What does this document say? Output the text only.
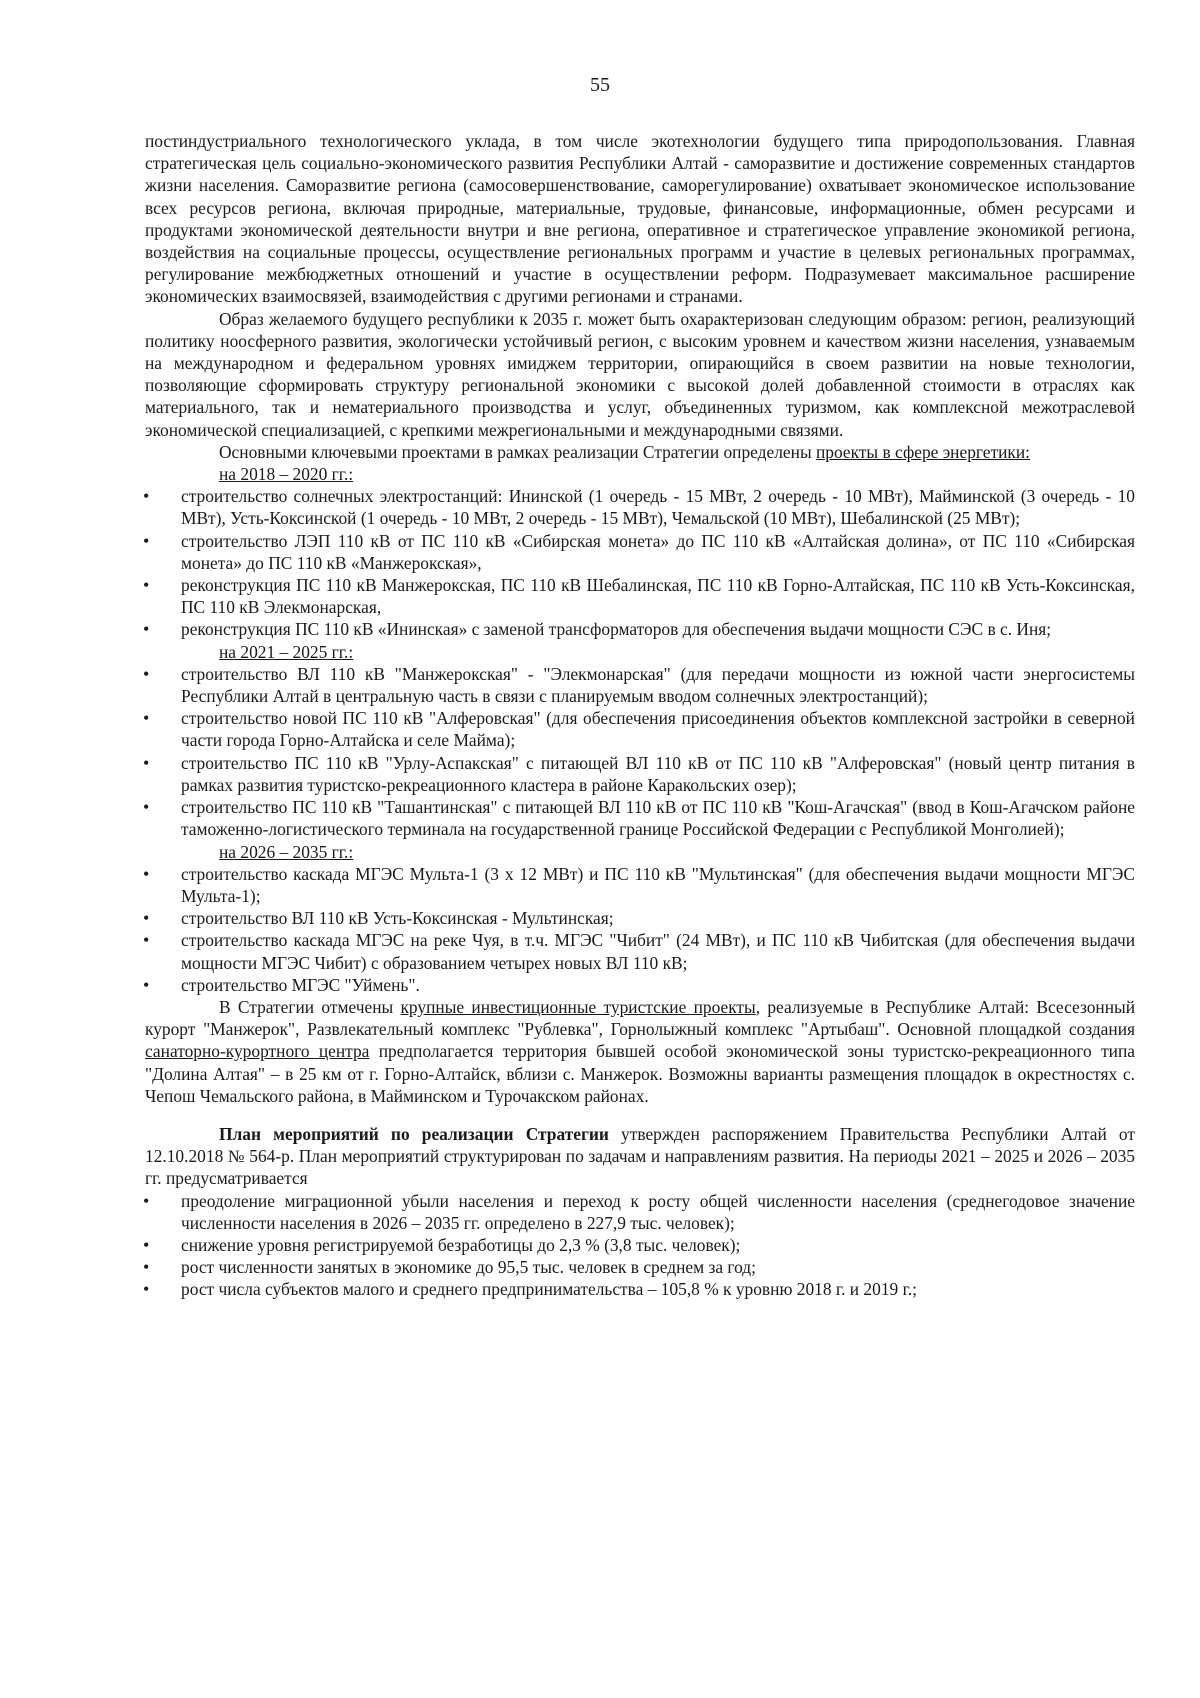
55

постиндустриального технологического уклада, в том числе экотехнологии будущего типа природопользования. Главная стратегическая цель социально-экономического развития Республики Алтай - саморазвитие и достижение современных стандартов жизни населения. Саморазвитие региона (самосовершенствование, саморегулирование) охватывает экономическое использование всех ресурсов региона, включая природные, материальные, трудовые, финансовые, информационные, обмен ресурсами и продуктами экономической деятельности внутри и вне региона, оперативное и стратегическое управление экономикой региона, воздействия на социальные процессы, осуществление региональных программ и участие в целевых региональных программах, регулирование межбюджетных отношений и участие в осуществлении реформ. Подразумевает максимальное расширение экономических взаимосвязей, взаимодействия с другими регионами и странами.

Образ желаемого будущего республики к 2035 г. может быть охарактеризован следующим образом: регион, реализующий политику ноосферного развития, экологически устойчивый регион, с высоким уровнем и качеством жизни населения, узнаваемым на международном и федеральном уровнях имиджем территории, опирающийся в своем развитии на новые технологии, позволяющие сформировать структуру региональной экономики с высокой долей добавленной стоимости в отраслях как материального, так и нематериального производства и услуг, объединенных туризмом, как комплексной межотраслевой экономической специализацией, с крепкими межрегиональными и международными связями.

Основными ключевыми проектами в рамках реализации Стратегии определены проекты в сфере энергетики:

на 2018 – 2020 гг.:
• строительство солнечных электростанций: Ининской (1 очередь - 15 МВт, 2 очередь - 10 МВт), Майминской (3 очередь - 10 МВт), Усть-Коксинской (1 очередь - 10 МВт, 2 очередь - 15 МВт), Чемальской (10 МВт), Шебалинской (25 МВт);
• строительство ЛЭП 110 кВ от ПС 110 кВ «Сибирская монета» до ПС 110 кВ «Алтайская долина», от ПС 110 «Сибирская монета» до ПС 110 кВ «Манжерокская»,
• реконструкция ПС 110 кВ Манжерокская, ПС 110 кВ Шебалинская, ПС 110 кВ Горно-Алтайская, ПС 110 кВ Усть-Коксинская, ПС 110 кВ Элекмонарская,
• реконструкция ПС 110 кВ «Ининская» с заменой трансформаторов для обеспечения выдачи мощности СЭС в с. Иня;
на 2021 – 2025 гг.:
• строительство ВЛ 110 кВ "Манжерокская" - "Элекмонарская" (для передачи мощности из южной части энергосистемы Республики Алтай в центральную часть в связи с планируемым вводом солнечных электростанций);
• строительство новой ПС 110 кВ "Алферовская" (для обеспечения присоединения объектов комплексной застройки в северной части города Горно-Алтайска и селе Майма);
• строительство ПС 110 кВ "Урлу-Аспакская" с питающей ВЛ 110 кВ от ПС 110 кВ "Алферовская" (новый центр питания в рамках развития туристско-рекреационного кластера в районе Каракольских озер);
• строительство ПС 110 кВ "Ташантинская" с питающей ВЛ 110 кВ от ПС 110 кВ "Кош-Агачская" (ввод в Кош-Агачском районе таможенно-логистического терминала на государственной границе Российской Федерации с Республикой Монголией);
на 2026 – 2035 гг.:
• строительство каскада МГЭС Мульта-1 (3 х 12 МВт) и ПС 110 кВ "Мультинская" (для обеспечения выдачи мощности МГЭС Мульта-1);
• строительство ВЛ 110 кВ Усть-Коксинская - Мультинская;
• строительство каскада МГЭС на реке Чуя, в т.ч. МГЭС "Чибит" (24 МВт), и ПС 110 кВ Чибитская (для обеспечения выдачи мощности МГЭС Чибит) с образованием четырех новых ВЛ 110 кВ;
• строительство МГЭС "Уймень".

В Стратегии отмечены крупные инвестиционные туристские проекты, реализуемые в Республике Алтай: Всесезонный курорт "Манжерок", Развлекательный комплекс "Рублевка", Горнолыжный комплекс "Артыбаш". Основной площадкой создания санаторно-курортного центра предполагается территория бывшей особой экономической зоны туристско-рекреационного типа "Долина Алтая" – в 25 км от г. Горно-Алтайск, вблизи с. Манжерок. Возможны варианты размещения площадок в окрестностях с. Чепош Чемальского района, в Майминском и Турочакском районах.

План мероприятий по реализации Стратегии утвержден распоряжением Правительства Республики Алтай от 12.10.2018 № 564-р. План мероприятий структурирован по задачам и направлениям развития. На периоды 2021 – 2025 и 2026 – 2035 гг. предусматривается

• преодоление миграционной убыли населения и переход к росту общей численности населения (среднегодовое значение численности населения в 2026 – 2035 гг. определено в 227,9 тыс. человек);
• снижение уровня регистрируемой безработицы до 2,3 % (3,8 тыс. человек);
• рост численности занятых в экономике до 95,5 тыс. человек в среднем за год;
• рост числа субъектов малого и среднего предпринимательства – 105,8 % к уровню 2018 г. и 2019 г.;
